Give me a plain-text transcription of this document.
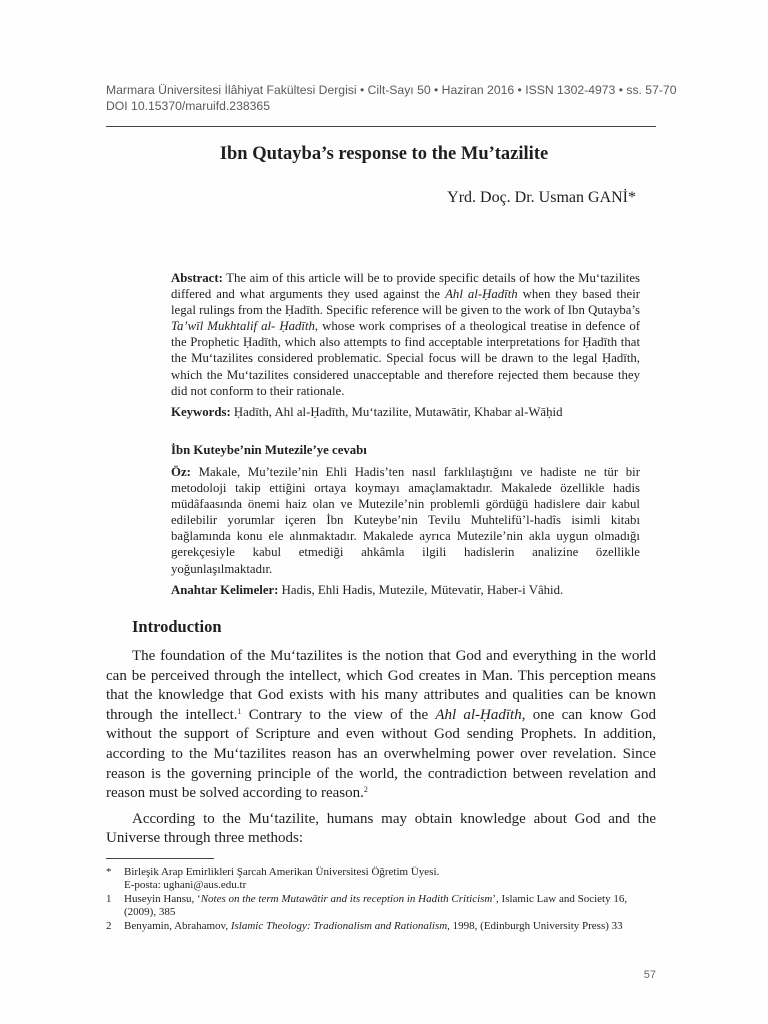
Marmara Üniversitesi İlâhiyat Fakültesi Dergisi • Cilt-Sayı 50 • Haziran 2016 • ISSN 1302-4973 • ss. 57-70
DOI 10.15370/maruifd.238365
Ibn Qutayba’s response to the Mu’tazilite
Yrd. Doç. Dr. Usman GANİ*

Abstract: The aim of this article will be to provide specific details of how the Mu‘tazilites differed and what arguments they used against the Ahl al-Ḥadīth when they based their legal rulings from the Ḥadīth. Specific reference will be given to the work of Ibn Qutayba’s Ta’wīl Mukhtalif al- Ḥadīth, whose work comprises of a theological treatise in defence of the Prophetic Ḥadīth, which also attempts to find acceptable interpretations for Ḥadīth that the Mu‘tazilites considered problematic. Special focus will be drawn to the legal Ḥadīth, which the Mu‘tazilites considered unacceptable and therefore rejected them because they did not conform to their rationale.

Keywords: Ḥadīth, Ahl al-Ḥadīth, Mu‘tazilite, Mutawātir, Khabar al-Wāḥid

İbn Kuteybe’nin Mutezile’ye cevabı

Öz: Makale, Mu’tezile’nin Ehli Hadis’ten nasıl farklılaştığını ve hadiste ne tür bir metodoloji takip ettiğini ortaya koymayı amaçlamaktadır. Makalede özellikle hadis müdâfaasında önemi haiz olan ve Mutezile’nin problemli gördüğü hadislere dair kabul edilebilir yorumlar içeren İbn Kuteybe’nin Tevilu Muhtelifü’l-hadîs isimli kitabı bağlamında konu ele alınmaktadır. Makalede ayrıca Mutezile’nin akla uygun olmadığı gerekçesiyle kabul etmediği ahkâmla ilgili hadislerin analizine özellikle yoğunlaşılmaktadır.

Anahtar Kelimeler: Hadis, Ehli Hadis, Mutezile, Mütevatir, Haber-i Vâhid.

Introduction

The foundation of the Mu‘tazilites is the notion that God and everything in the world can be perceived through the intellect, which God creates in Man. This perception means that the knowledge that God exists with his many attributes and qualities can be known through the intellect.$^1$ Contrary to the view of the Ahl al-Ḥadīth, one can know God without the support of Scripture and even without God sending Prophets. In addition, according to the Mu‘tazilites reason has an overwhelming power over revelation. Since reason is the governing principle of the world, the contradiction between revelation and reason must be solved according to reason.$^2$

According to the Mu‘tazilite, humans may obtain knowledge about God and the Universe through three methods:

* Birleşik Arap Emirlikleri Şarcah Amerikan Üniversitesi Öğretim Üyesi.
E-posta: ughani@aus.edu.tr
1 Huseyin Hansu, ‘Notes on the term Mutawātir and its reception in Hadith Criticism’, Islamic Law and Society 16, (2009), 385
2 Benyamin, Abrahamov, Islamic Theology: Tradionalism and Rationalism, 1998, (Edinburgh University Press) 33
57
